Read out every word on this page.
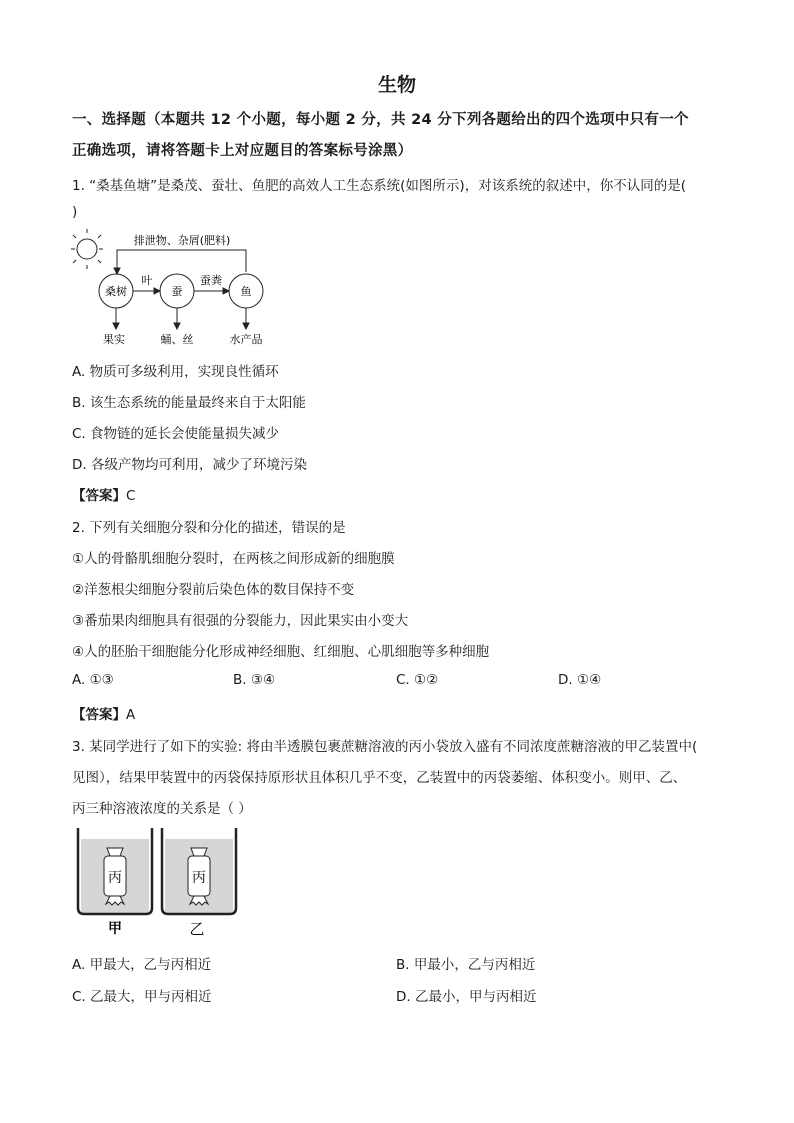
生物
一、选择题（本题共 12 个小题，每小题 2 分，共 24 分下列各题给出的四个选项中只有一个
正确选项，请将答题卡上对应题目的答案标号涂黑）
1. “桑基鱼塘”是桑茂、蚕壮、鱼肥的高效人工生态系统(如图所示)，对该系统的叙述中，你不认同的是(
)
排泄物、杂屑(肥料)
桑树	蚕	鱼
叶	蚕粪
果实	蛹、丝	水产品
A. 物质可多级利用，实现良性循环
B. 该生态系统的能量最终来自于太阳能
C. 食物链的延长会使能量损失减少
D. 各级产物均可利用，减少了环境污染
【答案】C
2. 下列有关细胞分裂和分化的描述，错误的是
①人的骨骼肌细胞分裂时，在两核之间形成新的细胞膜
②洋葱根尖细胞分裂前后染色体的数目保持不变
③番茄果肉细胞具有很强的分裂能力，因此果实由小变大
④人的胚胎干细胞能分化形成神经细胞、红细胞、心肌细胞等多种细胞
A. ①③	B. ③④	C. ①②	D. ①④
【答案】A
3. 某同学进行了如下的实验: 将由半透膜包裹蔗糖溶液的丙小袋放入盛有不同浓度蔗糖溶液的甲乙装置中(
见图），结果甲装置中的丙袋保持原形状且体积几乎不变，乙装置中的丙袋萎缩、体积变小。则甲、乙、
丙三种溶液浓度的关系是（ ）
丙	丙
甲	乙
A. 甲最大，乙与丙相近	B. 甲最小，乙与丙相近
C. 乙最大，甲与丙相近	D. 乙最小，甲与丙相近
